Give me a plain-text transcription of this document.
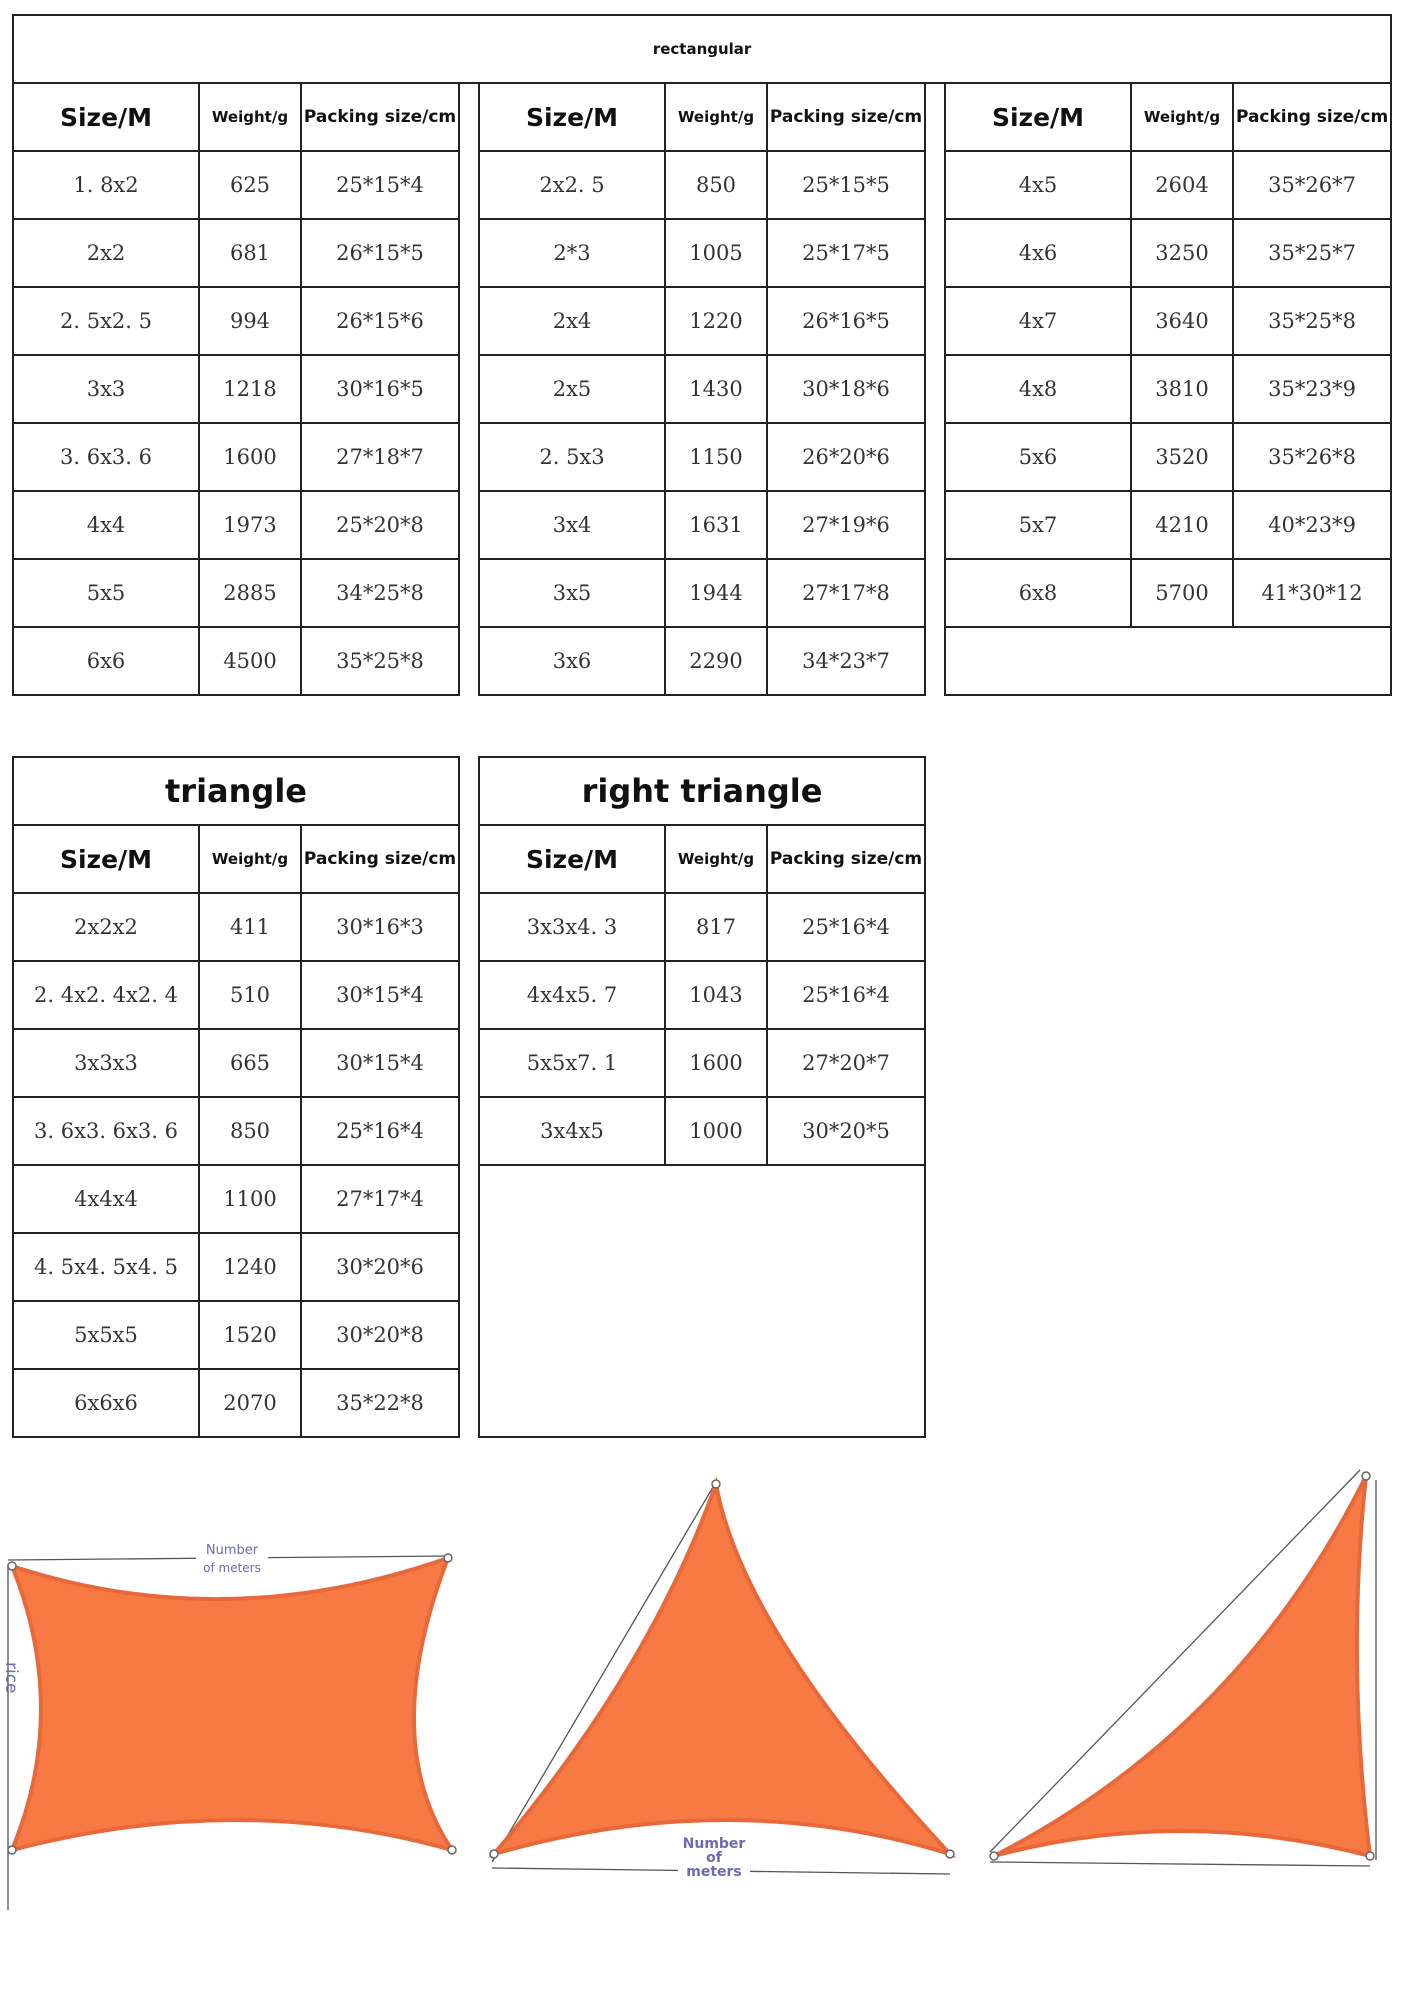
rectangular										
Size/M	Weight/g	Packing size/cm		Size/M	Weight/g	Packing size/cm		Size/M	Weight/g	Packing size/cm
1. 8x2	625	25*15*4		2x2. 5	850	25*15*5		4x5	2604	35*26*7
2x2	681	26*15*5		2*3	1005	25*17*5		4x6	3250	35*25*7
2. 5x2. 5	994	26*15*6		2x4	1220	26*16*5		4x7	3640	35*25*8
3x3	1218	30*16*5		2x5	1430	30*18*6		4x8	3810	35*23*9
3. 6x3. 6	1600	27*18*7		2. 5x3	1150	26*20*6		5x6	3520	35*26*8
4x4	1973	25*20*8		3x4	1631	27*19*6		5x7	4210	40*23*9
5x5	2885	34*25*8		3x5	1944	27*17*8		6x8	5700	41*30*12
6x6	4500	35*25*8		3x6	2290	34*23*7				
triangle				right triangle		
Size/M	Weight/g	Packing size/cm		Size/M	Weight/g	Packing size/cm
2x2x2	411	30*16*3		3x3x4. 3	817	25*16*4
2. 4x2. 4x2. 4	510	30*15*4		4x4x5. 7	1043	25*16*4
3x3x3	665	30*15*4		5x5x7. 1	1600	27*20*7
3. 6x3. 6x3. 6	850	25*16*4		3x4x5	1000	30*20*5
4x4x4	1100	27*17*4				
4. 5x4. 5x4. 5	1240	30*20*6				
5x5x5	1520	30*20*8				
6x6x6	2070	35*22*8				
Number
of meters
rice
Number
of
meters
